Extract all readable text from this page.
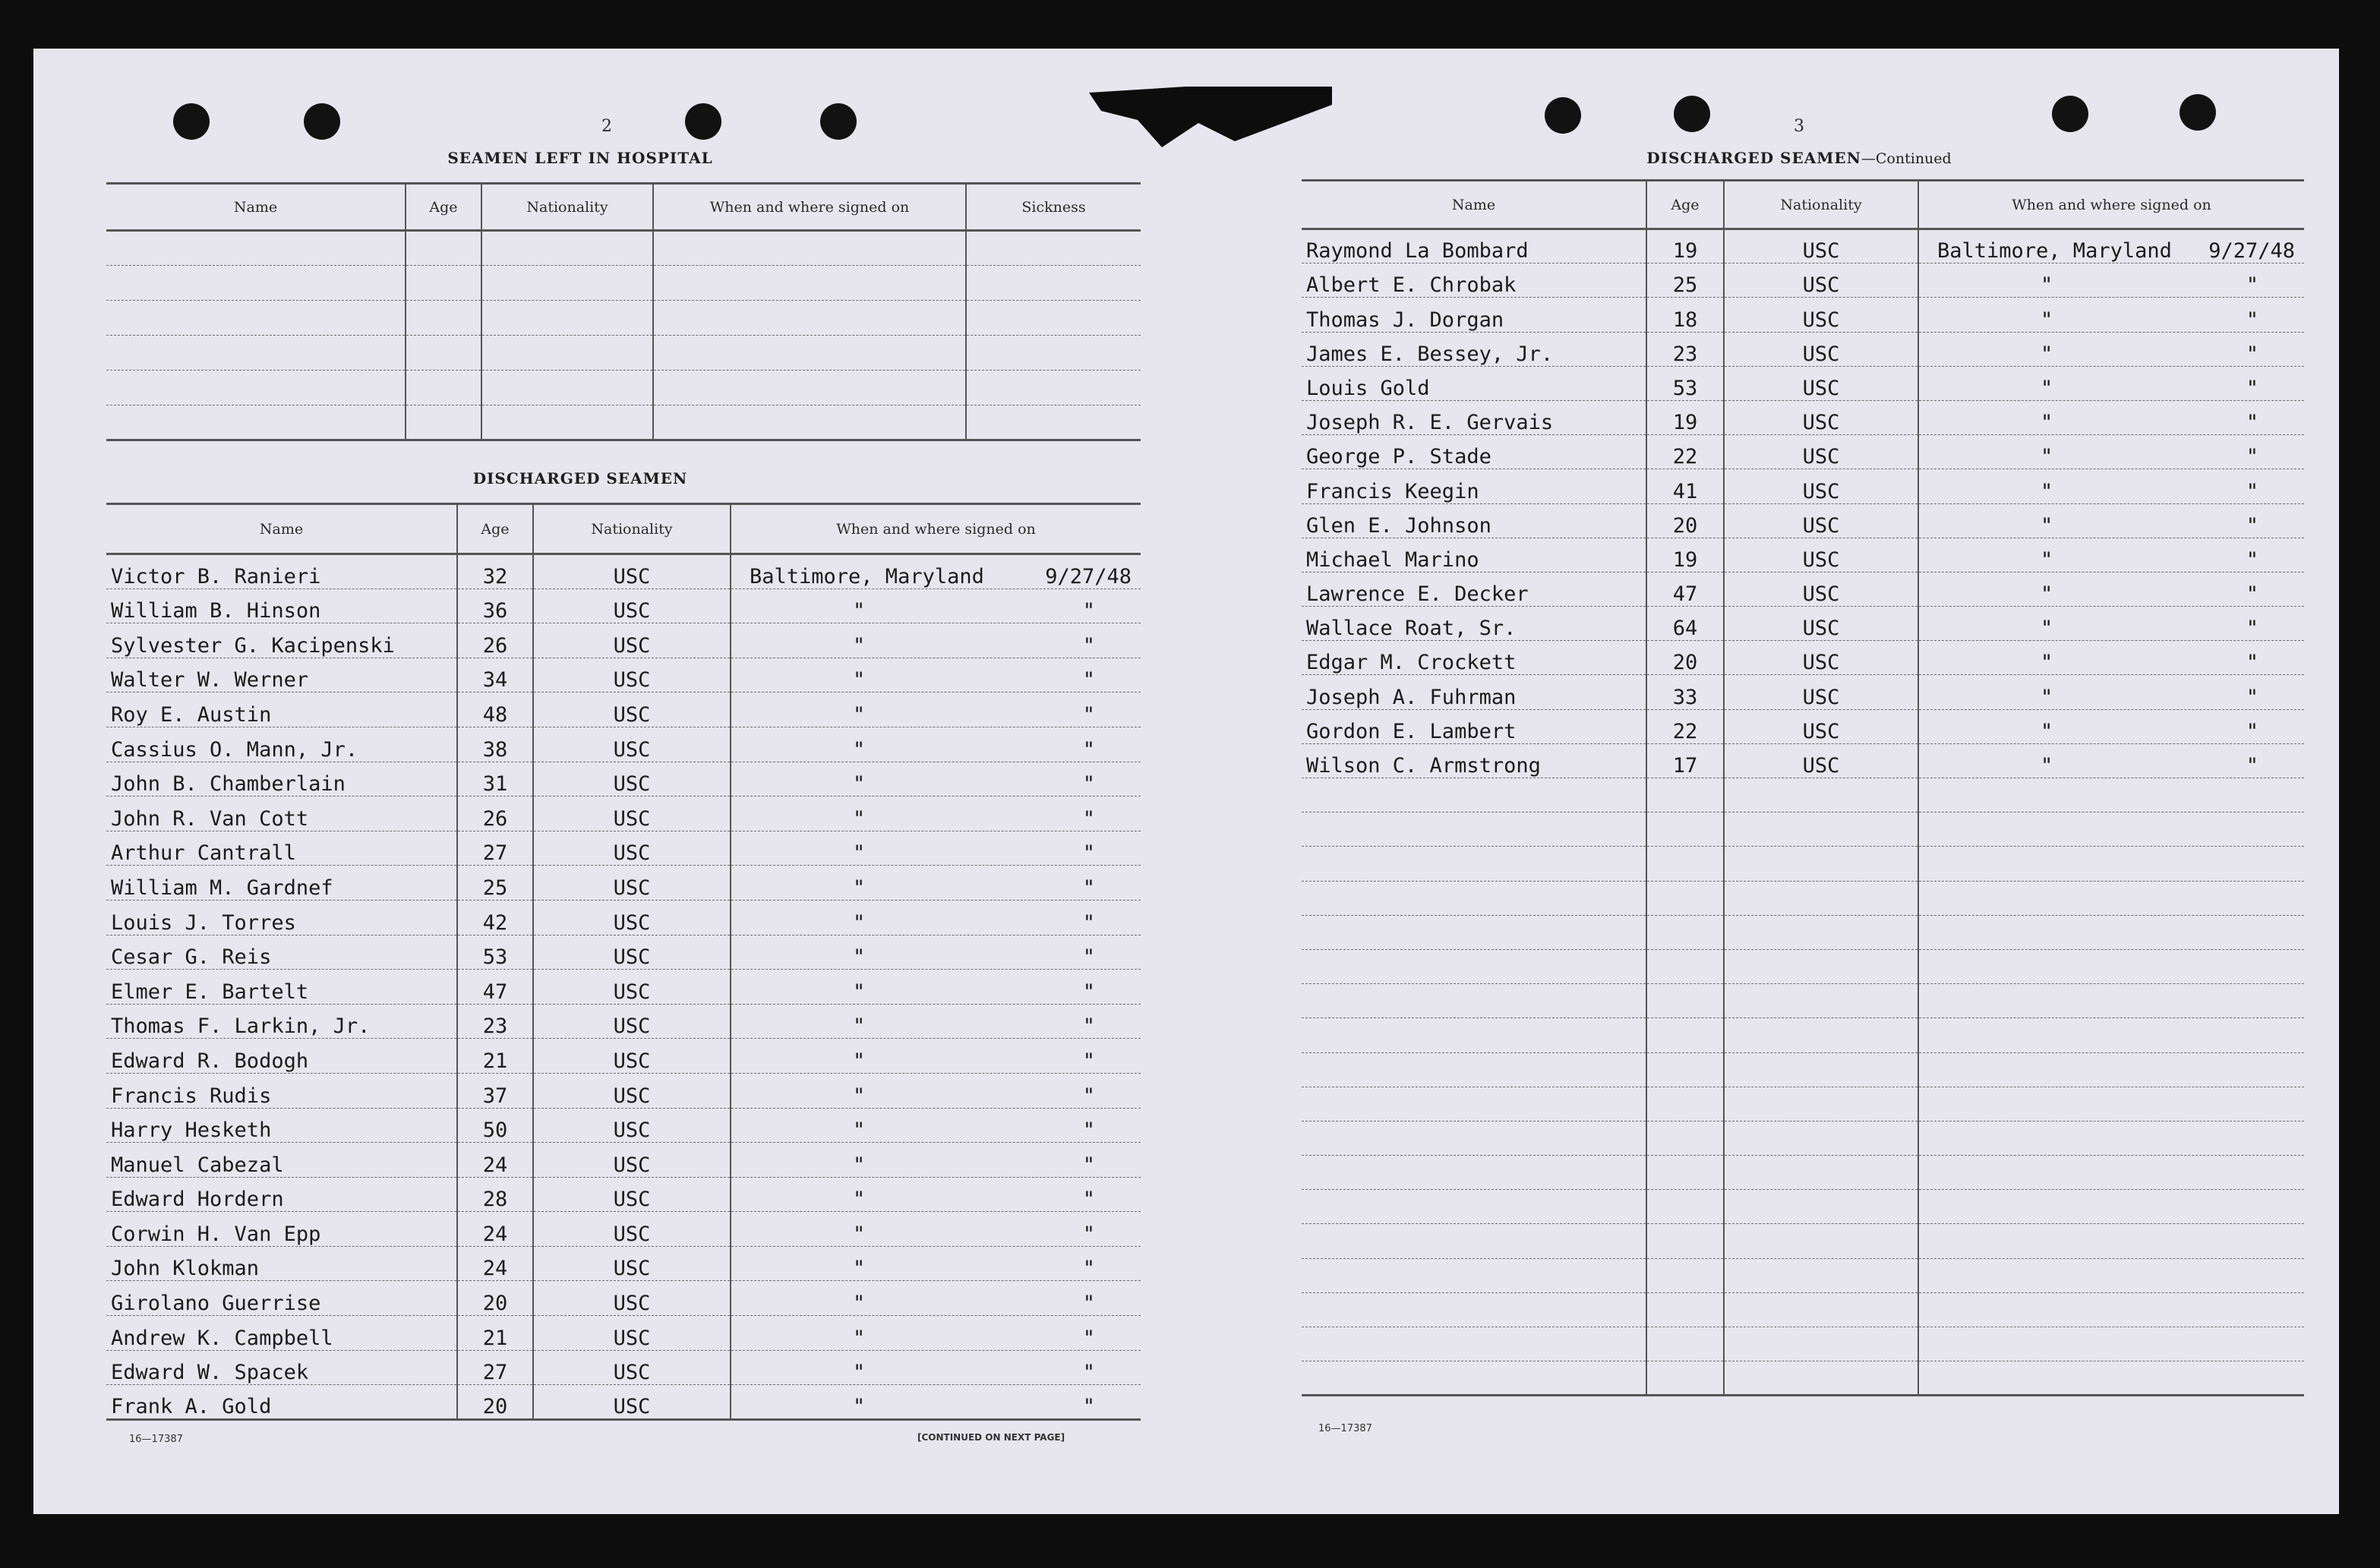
2
SEAMEN LEFT IN HOSPITAL
Name	Age	Nationality	When and where signed on	Sickness

DISCHARGED SEAMEN
Name	Age	Nationality	When and where signed on
Victor B. Ranieri	32	USC	Baltimore, Maryland 9/27/48

William B. Hinson	36	USC	" "

Sylvester G. Kacipenski	26	USC	" "

Walter W. Werner	34	USC	" "

Roy E. Austin	48	USC	" "

Cassius O. Mann, Jr.	38	USC	" "

John B. Chamberlain	31	USC	" "

John R. Van Cott	26	USC	" "

Arthur Cantrall	27	USC	" "

William M. Gardnef	25	USC	" "

Louis J. Torres	42	USC	" "

Cesar G. Reis	53	USC	" "

Elmer E. Bartelt	47	USC	" "

Thomas F. Larkin, Jr.	23	USC	" "

Edward R. Bodogh	21	USC	" "

Francis Rudis	37	USC	" "

Harry Hesketh	50	USC	" "

Manuel Cabezal	24	USC	" "

Edward Hordern	28	USC	" "

Corwin H. Van Epp	24	USC	" "

John Klokman	24	USC	" "

Girolano Guerrise	20	USC	" "

Andrew K. Campbell	21	USC	" "

Edward W. Spacek	27	USC	" "

Frank A. Gold	20	USC	" "
16—17387	[CONTINUED ON NEXT PAGE]
3
DISCHARGED SEAMEN—Continued
Name	Age	Nationality	When and where signed on
Raymond La Bombard	19	USC	Baltimore, Maryland 9/27/48

Albert E. Chrobak	25	USC	" "

Thomas J. Dorgan	18	USC	" "

James E. Bessey, Jr.	23	USC	" "

Louis Gold	53	USC	" "

Joseph R. E. Gervais	19	USC	" "

George P. Stade	22	USC	" "

Francis Keegin	41	USC	" "

Glen E. Johnson	20	USC	" "

Michael Marino	19	USC	" "

Lawrence E. Decker	47	USC	" "

Wallace Roat, Sr.	64	USC	" "

Edgar M. Crockett	20	USC	" "

Joseph A. Fuhrman	33	USC	" "

Gordon E. Lambert	22	USC	" "

Wilson C. Armstrong	17	USC	" "

16—17387
